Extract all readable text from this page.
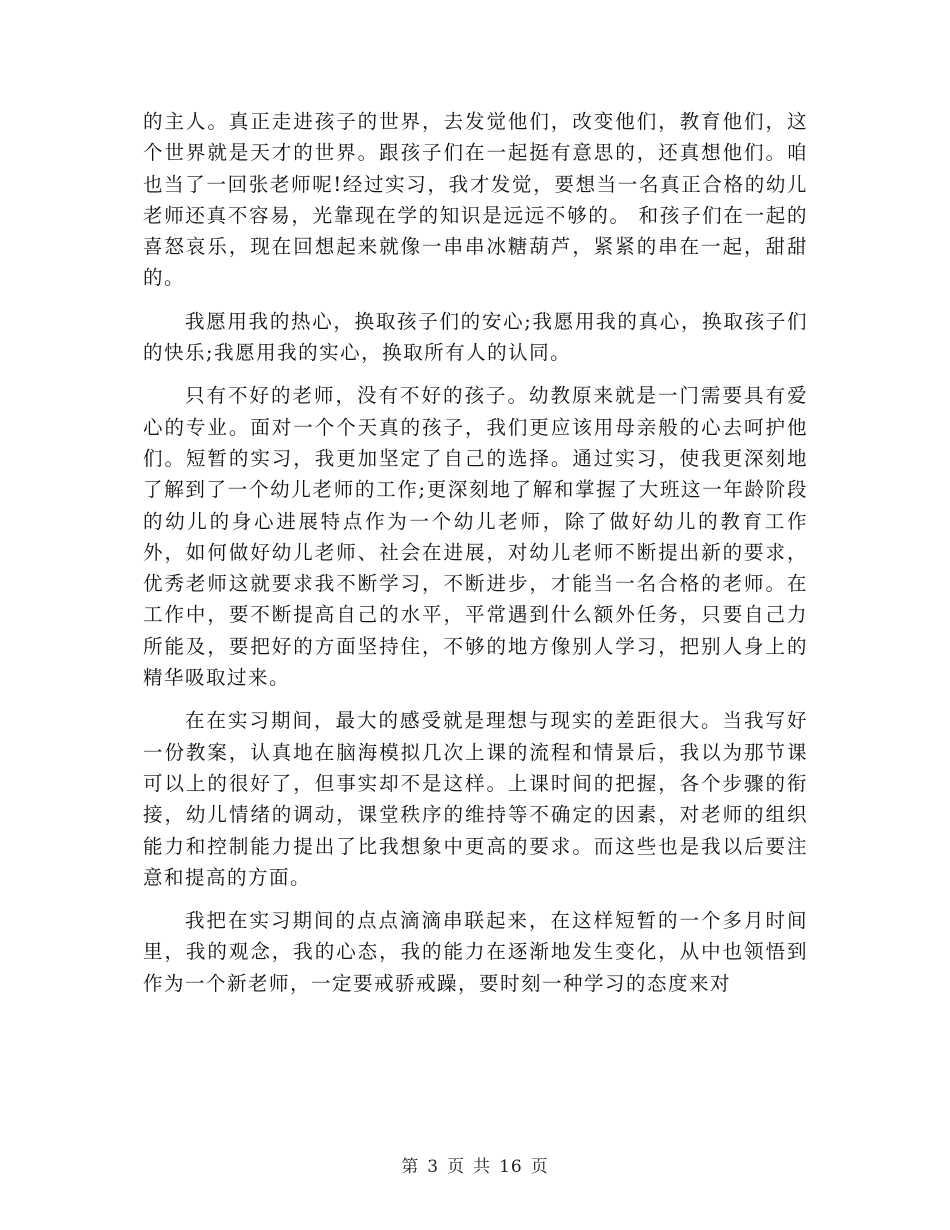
的主人。真正走进孩子的世界，去发觉他们，改变他们，教育他们，这个世界就是天才的世界。跟孩子们在一起挺有意思的，还真想他们。咱也当了一回张老师呢!经过实习，我才发觉，要想当一名真正合格的幼儿老师还真不容易，光靠现在学的知识是远远不够的。 和孩子们在一起的喜怒哀乐，现在回想起来就像一串串冰糖葫芦，紧紧的串在一起，甜甜的。

我愿用我的热心，换取孩子们的安心;我愿用我的真心，换取孩子们的快乐;我愿用我的实心，换取所有人的认同。

只有不好的老师，没有不好的孩子。幼教原来就是一门需要具有爱心的专业。面对一个个天真的孩子，我们更应该用母亲般的心去呵护他们。短暂的实习，我更加坚定了自己的选择。通过实习，使我更深刻地了解到了一个幼儿老师的工作;更深刻地了解和掌握了大班这一年龄阶段的幼儿的身心进展特点作为一个幼儿老师，除了做好幼儿的教育工作外，如何做好幼儿老师、社会在进展，对幼儿老师不断提出新的要求，优秀老师这就要求我不断学习，不断进步，才能当一名合格的老师。在工作中，要不断提高自己的水平，平常遇到什么额外任务，只要自己力所能及，要把好的方面坚持住，不够的地方像别人学习，把别人身上的精华吸取过来。

在在实习期间，最大的感受就是理想与现实的差距很大。当我写好一份教案，认真地在脑海模拟几次上课的流程和情景后，我以为那节课可以上的很好了，但事实却不是这样。上课时间的把握，各个步骤的衔接，幼儿情绪的调动，课堂秩序的维持等不确定的因素，对老师的组织能力和控制能力提出了比我想象中更高的要求。而这些也是我以后要注意和提高的方面。

我把在实习期间的点点滴滴串联起来，在这样短暂的一个多月时间里，我的观念，我的心态，我的能力在逐渐地发生变化，从中也领悟到作为一个新老师，一定要戒骄戒躁，要时刻一种学习的态度来对

第 3 页 共 16 页
